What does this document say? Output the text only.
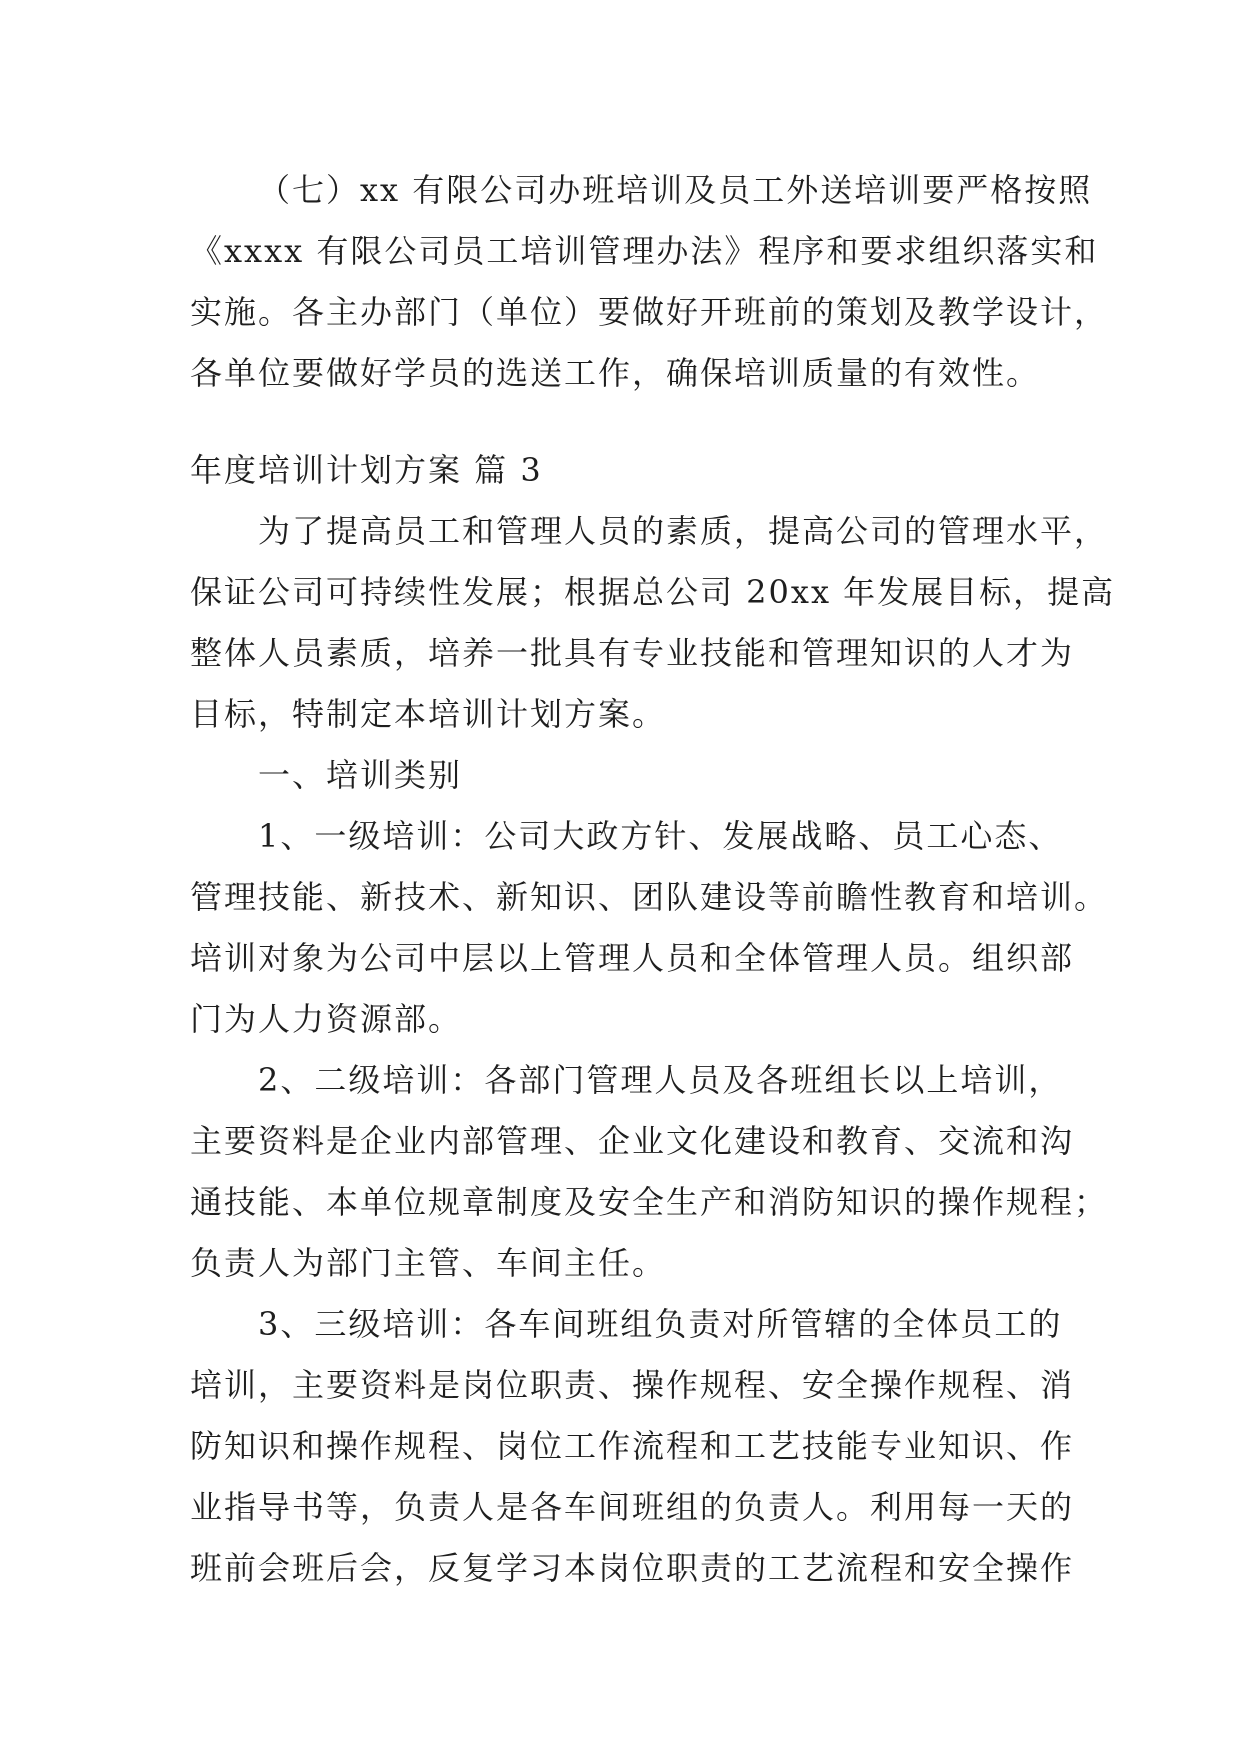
（七）xx 有限公司办班培训及员工外送培训要严格按照
《xxxx 有限公司员工培训管理办法》程序和要求组织落实和
实施。各主办部门（单位）要做好开班前的策划及教学设计，
各单位要做好学员的选送工作，确保培训质量的有效性。
年度培训计划方案 篇 3
为了提高员工和管理人员的素质，提高公司的管理水平，
保证公司可持续性发展；根据总公司 20xx 年发展目标，提高
整体人员素质，培养一批具有专业技能和管理知识的人才为
目标，特制定本培训计划方案。
一、培训类别
1、一级培训：公司大政方针、发展战略、员工心态、
管理技能、新技术、新知识、团队建设等前瞻性教育和培训。
培训对象为公司中层以上管理人员和全体管理人员。组织部
门为人力资源部。
2、二级培训：各部门管理人员及各班组长以上培训，
主要资料是企业内部管理、企业文化建设和教育、交流和沟
通技能、本单位规章制度及安全生产和消防知识的操作规程；
负责人为部门主管、车间主任。
3、三级培训：各车间班组负责对所管辖的全体员工的
培训，主要资料是岗位职责、操作规程、安全操作规程、消
防知识和操作规程、岗位工作流程和工艺技能专业知识、作
业指导书等，负责人是各车间班组的负责人。利用每一天的
班前会班后会，反复学习本岗位职责的工艺流程和安全操作
